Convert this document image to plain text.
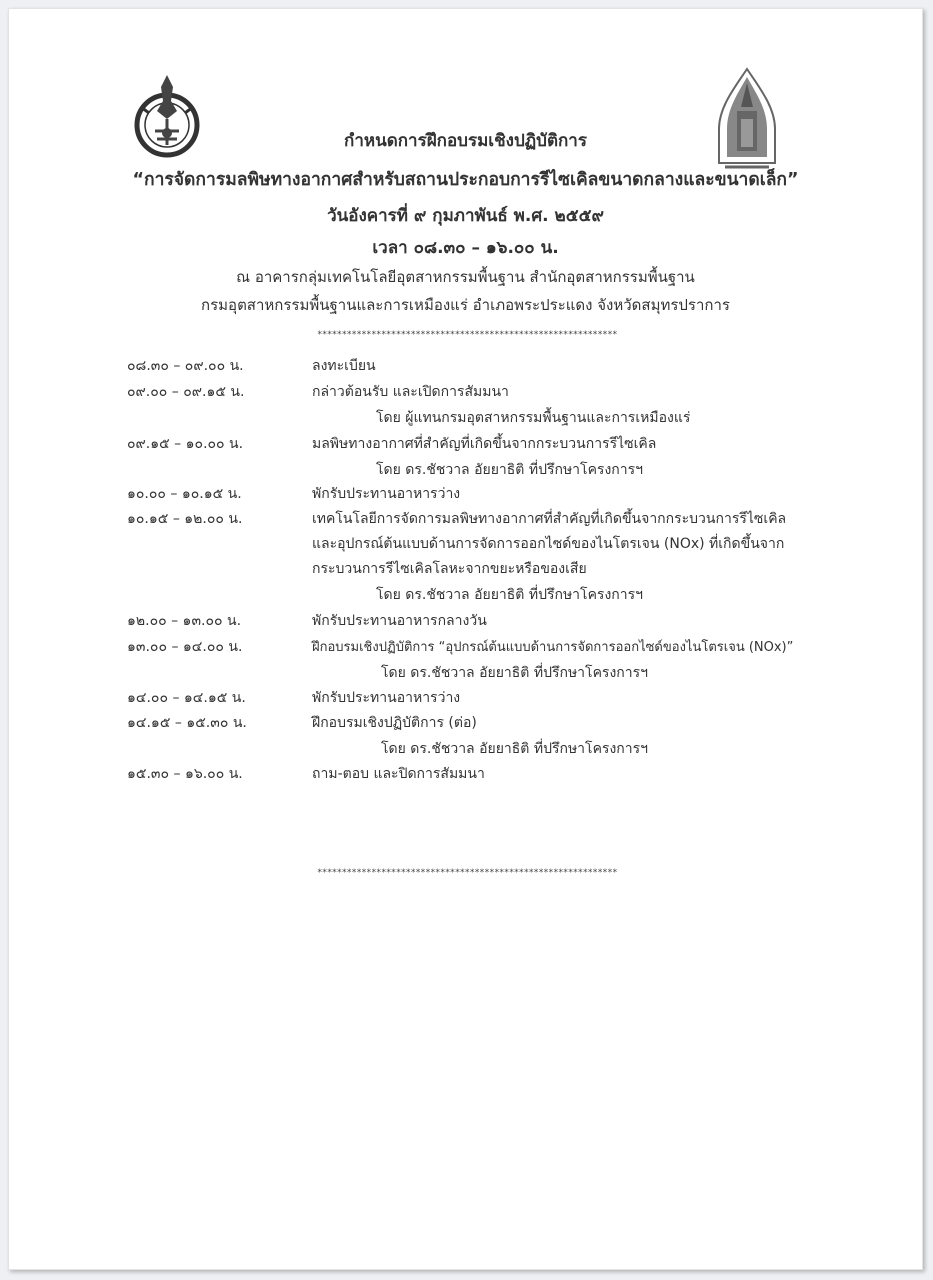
กำหนดการฝึกอบรมเชิงปฏิบัติการ
“การจัดการมลพิษทางอากาศสำหรับสถานประกอบการรีไซเคิลขนาดกลางและขนาดเล็ก”
วันอังคารที่ ๙ กุมภาพันธ์ พ.ศ. ๒๕๕๙
เวลา ๐๘.๓๐ – ๑๖.๐๐ น.
ณ อาคารกลุ่มเทคโนโลยีอุตสาหกรรมพื้นฐาน สำนักอุตสาหกรรมพื้นฐาน
กรมอุตสาหกรรมพื้นฐานและการเหมืองแร่ อำเภอพระประแดง จังหวัดสมุทรปราการ
*************************************************************
๐๘.๓๐ – ๐๙.๐๐ น.	ลงทะเบียน
๐๙.๐๐ – ๐๙.๑๕ น.	กล่าวต้อนรับ และเปิดการสัมมนา
โดย ผู้แทนกรมอุตสาหกรรมพื้นฐานและการเหมืองแร่
๐๙.๑๕ – ๑๐.๐๐ น.	มลพิษทางอากาศที่สำคัญที่เกิดขึ้นจากกระบวนการรีไซเคิล
โดย ดร.ชัชวาล อัยยาธิติ ที่ปรึกษาโครงการฯ
๑๐.๐๐ – ๑๐.๑๕ น.	พักรับประทานอาหารว่าง
๑๐.๑๕ – ๑๒.๐๐ น.	เทคโนโลยีการจัดการมลพิษทางอากาศที่สำคัญที่เกิดขึ้นจากกระบวนการรีไซเคิล
และอุปกรณ์ต้นแบบด้านการจัดการออกไซด์ของไนโตรเจน (NOx) ที่เกิดขึ้นจาก
กระบวนการรีไซเคิลโลหะจากขยะหรือของเสีย
โดย ดร.ชัชวาล อัยยาธิติ ที่ปรึกษาโครงการฯ
๑๒.๐๐ – ๑๓.๐๐ น.	พักรับประทานอาหารกลางวัน
๑๓.๐๐ – ๑๔.๐๐ น.	ฝึกอบรมเชิงปฏิบัติการ “อุปกรณ์ต้นแบบด้านการจัดการออกไซด์ของไนโตรเจน (NOx)”
โดย ดร.ชัชวาล อัยยาธิติ ที่ปรึกษาโครงการฯ
๑๔.๐๐ – ๑๔.๑๕ น.	พักรับประทานอาหารว่าง
๑๔.๑๕ – ๑๕.๓๐ น.	ฝึกอบรมเชิงปฏิบัติการ (ต่อ)
โดย ดร.ชัชวาล อัยยาธิติ ที่ปรึกษาโครงการฯ
๑๕.๓๐ – ๑๖.๐๐ น.	ถาม-ตอบ และปิดการสัมมนา
*************************************************************
